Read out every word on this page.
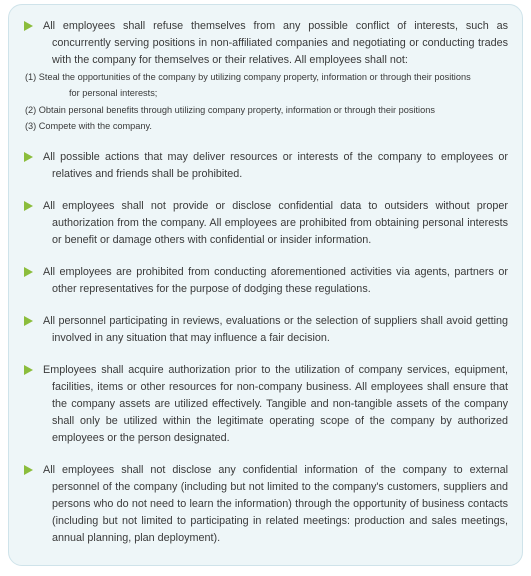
All employees shall refuse themselves from any possible conflict of interests, such as concurrently serving positions in non-affiliated companies and negotiating or conducting trades with the company for themselves or their relatives. All employees shall not:

(1) Steal the opportunities of the company by utilizing company property, information or through their positions
for personal interests;

(2) Obtain personal benefits through utilizing company property, information or through their positions

(3) Compete with the company.

All possible actions that may deliver resources or interests of the company to employees or relatives and friends shall be prohibited.

All employees shall not provide or disclose confidential data to outsiders without proper authorization from the company. All employees are prohibited from obtaining personal interests or benefit or damage others with confidential or insider information.

All employees are prohibited from conducting aforementioned activities via agents, partners or other representatives for the purpose of dodging these regulations.

All personnel participating in reviews, evaluations or the selection of suppliers shall avoid getting involved in any situation that may influence a fair decision.

Employees shall acquire authorization prior to the utilization of company services, equipment, facilities, items or other resources for non-company business. All employees shall ensure that the company assets are utilized effectively. Tangible and non-tangible assets of the company shall only be utilized within the legitimate operating scope of the company by authorized employees or the person designated.

All employees shall not disclose any confidential information of the company to external personnel of the company (including but not limited to the company's customers, suppliers and persons who do not need to learn the information) through the opportunity of business contacts (including but not limited to participating in related meetings: production and sales meetings, annual planning, plan deployment).
